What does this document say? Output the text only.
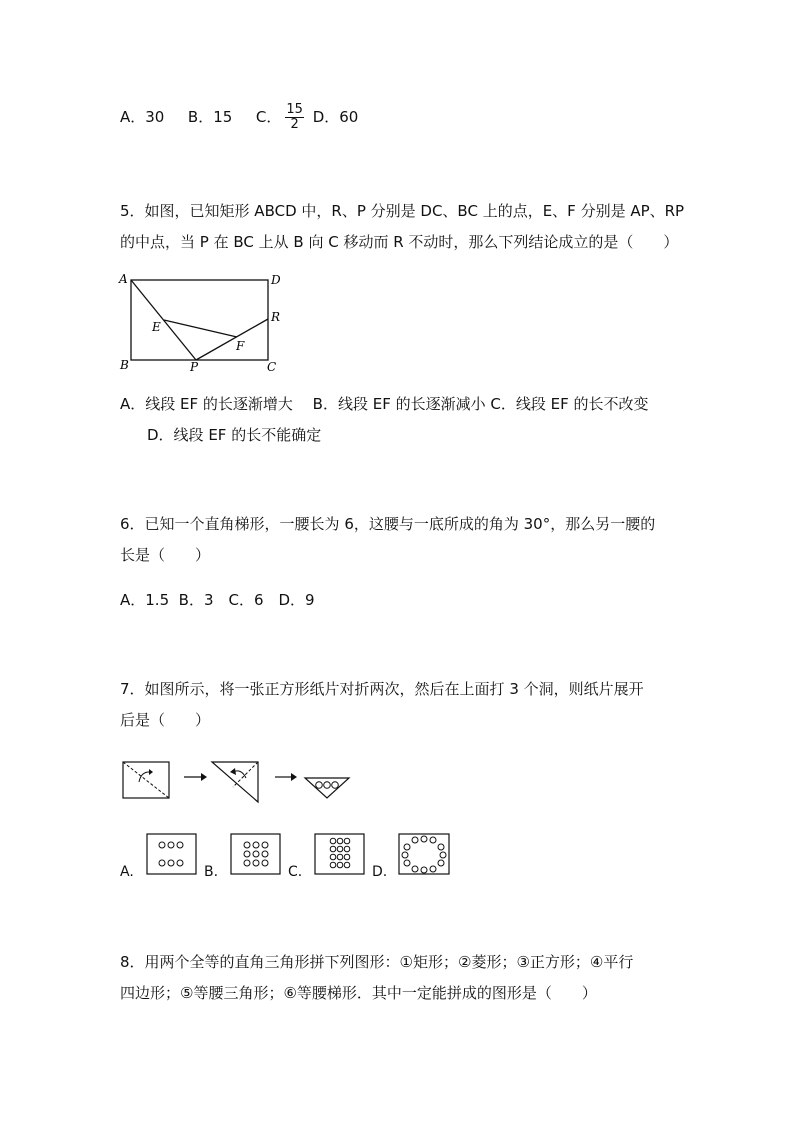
A．30 B．15 C． $\frac{15}{2}$ D．60
5．如图，已知矩形 ABCD 中，R、P 分别是 DC、BC 上的点，E、F 分别是 AP、RP
的中点，当 P 在 BC 上从 B 向 C 移动而 R 不动时，那么下列结论成立的是（　　）
A	D
B	C
E
F
P
R
A．线段 EF 的长逐渐增大　 B．线段 EF 的长逐渐减小 C．线段 EF 的长不改变
D．线段 EF 的长不能确定
6．已知一个直角梯形，一腰长为 6，这腰与一底所成的角为 30°，那么另一腰的
长是（　　）
A．1.5  B．3　C．6　D．9
7．如图所示，将一张正方形纸片对折两次，然后在上面打 3 个洞，则纸片展开
后是（　　）
A.	B.	C.	D.
8．用两个全等的直角三角形拼下列图形：①矩形；②菱形；③正方形；④平行
四边形；⑤等腰三角形；⑥等腰梯形．其中一定能拼成的图形是（　　）
